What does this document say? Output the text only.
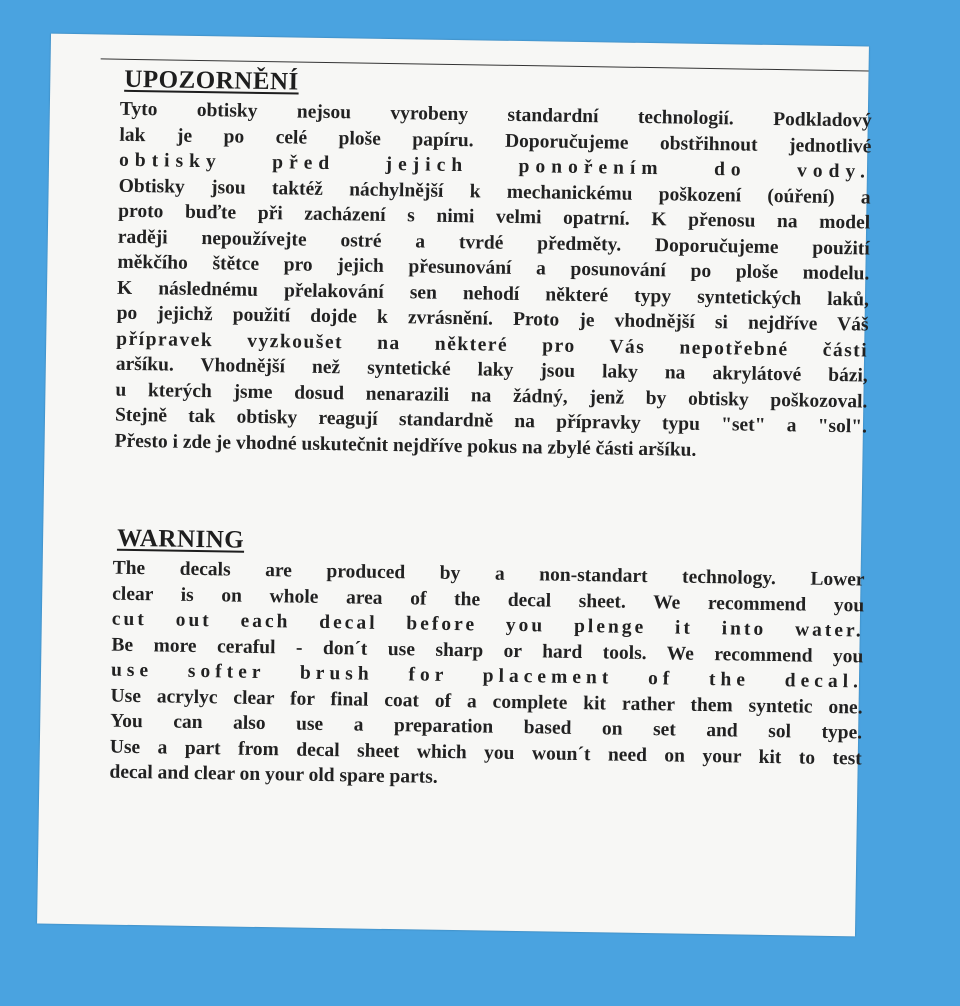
UPOZORNĚNÍ
Tyto obtisky nejsou vyrobeny standardní technologií. Podkladový
lak je po celé ploše papíru. Doporučujeme obstřihnout jednotlivé
obtisky před jejich ponořením do vody.
Obtisky jsou taktéž náchylnější k mechanickému poškození (oúření) a
proto buďte při zacházení s nimi velmi opatrní. K přenosu na model
raději nepoužívejte ostré a tvrdé předměty. Doporučujeme použití
měkčího štětce pro jejich přesunování a posunování po ploše modelu.
K následnému přelakování sen nehodí některé typy syntetických laků,
po jejichž použití dojde k zvrásnění. Proto je vhodnější si nejdříve Váš
přípravek vyzkoušet na některé pro Vás nepotřebné části
aršíku. Vhodnější než syntetické laky jsou laky na akrylátové bázi,
u kterých jsme dosud nenarazili na žádný, jenž by obtisky poškozoval.
Stejně tak obtisky reagují standardně na přípravky typu "set" a "sol".
Přesto i zde je vhodné uskutečnit nejdříve pokus na zbylé části aršíku.
WARNING
The decals are produced by a non-standart technology. Lower
clear is on whole area of the decal sheet. We recommend you
cut out each decal before you plenge it into water.
Be more ceraful - don´t use sharp or hard tools. We recommend you
use softer brush for placement of the decal.
Use acrylyc clear for final coat of a complete kit rather them syntetic one.
You can also use a preparation based on set and sol type.
Use a part from decal sheet which you woun´t need on your kit to test
decal and clear on your old spare parts.
